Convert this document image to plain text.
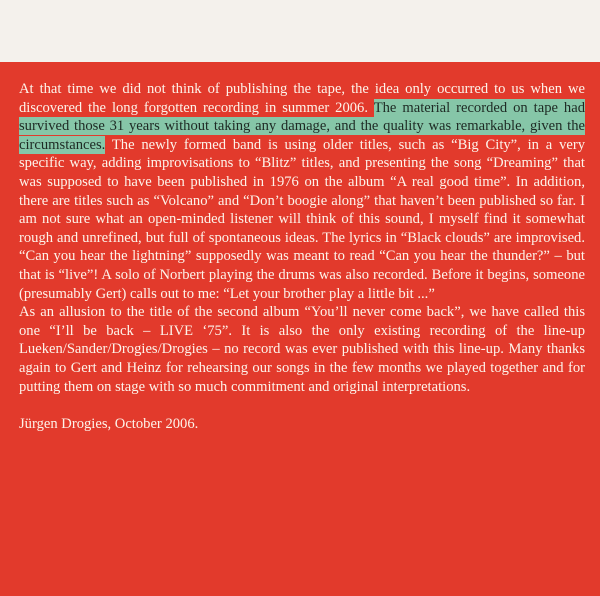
At that time we did not think of publishing the tape, the idea only occurred to us when we discovered the long forgotten recording in summer 2006. The material recorded on tape had survived those 31 years without taking any damage, and the quality was remarkable, given the circumstances. The newly formed band is using older titles, such as “Big City”, in a very specific way, adding improvisations to “Blitz” titles, and presenting the song “Dreaming” that was supposed to have been published in 1976 on the album “A real good time”. In addition, there are titles such as “Volcano” and “Don’t boogie along” that haven’t been published so far. I am not sure what an open-minded listener will think of this sound, I myself find it somewhat rough and unrefined, but full of spontaneous ideas. The lyrics in “Black clouds” are improvised. “Can you hear the lightning” supposedly was meant to read “Can you hear the thunder?” – but that is “live”! A solo of Norbert playing the drums was also recorded. Before it begins, someone (presumably Gert) calls out to me: “Let your brother play a little bit ...”

As an allusion to the title of the second album “You’ll never come back”, we have called this one “I’ll be back – LIVE ‘75”. It is also the only existing recording of the line-up Lueken/Sander/Drogies/Drogies – no record was ever published with this line-up. Many thanks again to Gert and Heinz for rehearsing our songs in the few months we played together and for putting them on stage with so much commitment and original interpretations.

Jürgen Drogies, October 2006.
